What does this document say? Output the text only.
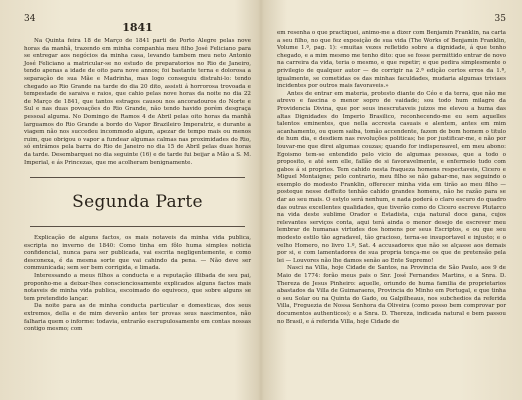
34
1841

Na Quinta feira 18 de Março de 1841 parti de Porto Alegre pelas nove horas da manhã, trazendo em minha companhia meu filho José Feliciano para se entregar aos negócios da minha casa, levando tambem meu neto Antonio José Feliciano a matricular-se no estudo de preparatorios no Rio de Janeiro, tendo apenas a idade de oito para nove annos; foi bastante terna e dolorosa a separação de sua Mãe e Madrinha, mas logo conseguiu distrahi-lo: tendo chegado ao Rio Grande na tarde do dia 20 dito, assisti á horrorosa trovoada e tempestade de saraiva e raios, que cahio pelas nove horas da noite no dia 22 de Março de 1841, que tantos estragos causou nos ancoradouros do Norte e Sul e nas duas povoações do Rio Grande, não tendo havido porém desgraça pessoal alguma. No Domingo de Ramos 4 de Abril pelas oito horas da manhã larguamos do Rio Grande a bordo do Vapor Brazileiro Imperatriz, e durante a viagem não nos succedeu incommodo algum, apezar de tempo mais ou menos ruim, que obrigou o vapor a fundear algumas calmas nas proximidades do Rio, só entrámos pela barra do Rio de Janeiro no dia 15 de Abril pelas duas horas da tarde. Desembarquei no dia seguinte (16) e de tarde fui beijar a Mão a S. M. Imperial, e ás Princezas, que me acolheram benignamente.

Segunda Parte

Explicação de alguns factos, os mais notaveis da minha vida publica, escripta no inverno de 1840: Como tinha em fôlo huma simples noticia confidencial, nunca para ser publicada, vai escrita negligentemente, e como desconexa, é da mesma sorte que vai cahindo da pena. — Não deve ser communicada; sem ser bem corrigida, e limada.

Interessando a meus filhos a conducta e a reputação illibada de seu pai, proponho-me a deixar-lhes conscienciosamente explicados alguns factos mais notaveis de minha vida publica, escoimado do equivoco, que sobre alguns se tem pretendido lançar.

Da noite para as de minha conducta particular e domesticas, dos seus extremos, della e de mim deverão antes ter provas seus nascimentos, não falharia quem o informe: todavia, entrarão escrupulosamente em contas nossas contigo mesmo; com

35

em resenha o que practiquei, animo-me a dizer com Benjamin Franklin, na carta a seu filho, no que fez exposição de sua vida (The Works of Benjamin Franklin, Volume 1.º, pag. 1): «muitas vezes refletido sobre a dignidade, á que tenho chegado, e a mim mesmo me tenho dito: que se fosse permittido entrar de novo na carreira da vida, teria o mesmo, e que repetir; e que pedira simplesmente o privilegio de qualquer autor — de corrigir na 2.ª edição certos erros da 1.ª, igualmente, se cometidas os das minhas faculdades, mudaria algumas triviaes incidentes por outros mais favoraveis.»

Antes de entrar em materia, protesto diante do Céo e da terra, que não me atrevo e fascina o menor sopro de vaidade; sou todo hum milagre da Providencia Divina, que por seus inescrutaveis juizos me elevou a huma das altas Dignidades do Imperio Brasilico, reconhecendo-me eu sem aquelles talentos eminentes, que nella accresta casuais e alentem, antes em mim acanhamento, ou quem saiba, tomão accendente, fazem de bom homem o titulo de hum dia, e desdiem nas revoluções politicas; he por justificar-me, e não por louvar-me que direi algumas couzas; quando for indispensavel, em meu abono: Egoismo tem-se entendido pelo vicio de algumas pessoas, que a todo o proposito, e até sem elle, fallão de si favoravelmente, e enfermeio tudo com gabos á si proprios. Tem cahido nesta fraqueza homens respectaveis, Cicero e Miguel Montaigne; pelo contrario, meu filho se não gabar-me, nas seguindo o exemplo do modesto Franklin, offerecer minha vida em tirão ao meu filho — posteque nesse deffeito tenhão cahido grandes homens, não he razão para se dar ao seu mais. O estylo será nenhum, e nada poderá o claro escuro do quadro das outras excellentes qualidades, que tiverão como do Cicero escreve Plutarco na vida deste sublime Orador e Estadista, cuja natural doce gana, cujos relevantes serviços conta, aqui terá ainda o menor desejo de escrever meu lembrar de humanas virtudes dos homens por seus Escriptos, e ou que seu modesto estilo tão agradavel, tão gracioso, terna-se insuportavel e injusto; e o velho Homero, no livro 1.º, Sat. 4 accusadores que não se alçasse aos demais por si, e com lamentadores de sua propria tença-me os que de pretensão pela lei — Louvores não lhe damos senão ao Ente Supremo!

Nasci na Villa, hoje Cidade de Santos, na Provincia de São Paulo, aos 9 de Maio de 1774: forão meus pais o Snr. José Fernandes Martins, e a Snra. D. Thereza de Jesus Pinheiro: aquelle, oriundo de huma familia de proprietarios abastados da Villa de Guimaraens, Provincia do Minho em Portugal, e que tinha o seu Solar ou na Quinta do Gado, ou Galpilheaus, nos subchedios da referida Villa, Freguezia de Nossa Senhora da Oliveira (como posso bem comprovar por documentos authenticos); e a Snra. D. Thereza, indicada natural e bem passou no Brasil, e á referida Villa, hoje Cidade de
